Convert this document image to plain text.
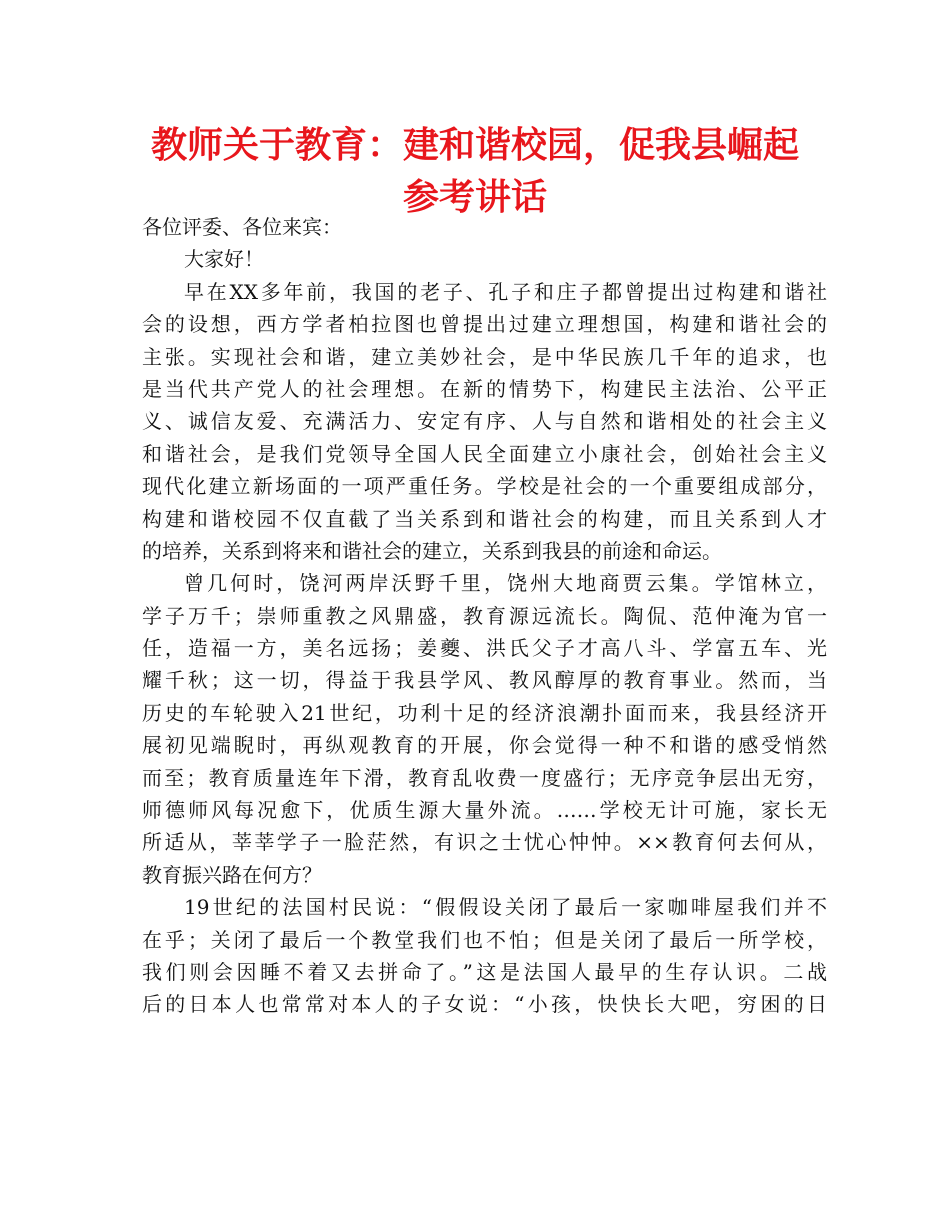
教师关于教育：建和谐校园，促我县崛起
参考讲话
各位评委、各位来宾：
大家好！
早在XX多年前，我国的老子、孔子和庄子都曾提出过构建和谐社
会的设想，西方学者柏拉图也曾提出过建立理想国，构建和谐社会的
主张。实现社会和谐，建立美妙社会，是中华民族几千年的追求，也
是当代共产党人的社会理想。在新的情势下，构建民主法治、公平正
义、诚信友爱、充满活力、安定有序、人与自然和谐相处的社会主义
和谐社会，是我们党领导全国人民全面建立小康社会，创始社会主义
现代化建立新场面的一项严重任务。学校是社会的一个重要组成部分，
构建和谐校园不仅直截了当关系到和谐社会的构建，而且关系到人才
的培养，关系到将来和谐社会的建立，关系到我县的前途和命运。
曾几何时，饶河两岸沃野千里，饶州大地商贾云集。学馆林立，
学子万千；崇师重教之风鼎盛，教育源远流长。陶侃、范仲淹为官一
任，造福一方，美名远扬；姜夔、洪氏父子才高八斗、学富五车、光
耀千秋；这一切，得益于我县学风、教风醇厚的教育事业。然而，当
历史的车轮驶入21世纪，功利十足的经济浪潮扑面而来，我县经济开
展初见端睨时，再纵观教育的开展，你会觉得一种不和谐的感受悄然
而至；教育质量连年下滑，教育乱收费一度盛行；无序竞争层出无穷，
师德师风每况愈下，优质生源大量外流。……学校无计可施，家长无
所适从，莘莘学子一脸茫然，有识之士忧心忡忡。××教育何去何从，
教育振兴路在何方？
19世纪的法国村民说：“假假设关闭了最后一家咖啡屋我们并不
在乎；关闭了最后一个教堂我们也不怕；但是关闭了最后一所学校，
我们则会因睡不着又去拼命了。”这是法国人最早的生存认识。二战
后的日本人也常常对本人的子女说：“小孩，快快长大吧，穷困的日
